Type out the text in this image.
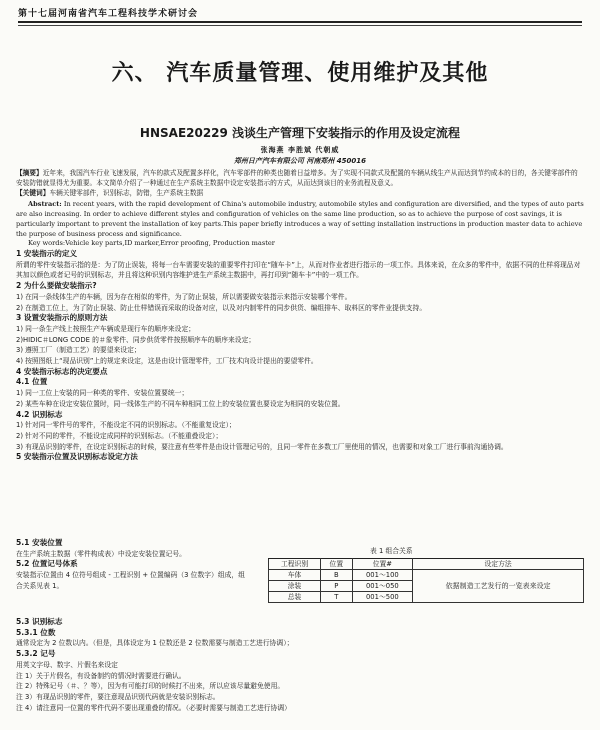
第十七届河南省汽车工程科技学术研讨会
六、 汽车质量管理、使用维护及其他
HNSAE20229 浅谈生产管理下安装指示的作用及设定流程
张海燕 李胜斌 代朝威
郑州日产汽车有限公司 河南郑州 450016

【摘要】近年来，我国汽车行业飞速发展，汽车的款式及配置多样化，汽车零部件的种类也随着日益增多。为了实现不同款式及配置的车辆从线生产从而达到节约成本的目的，各关键零部件的安装防错就显得尤为重要。本文简单介绍了一种通过在生产系统主数据中设定安装指示的方式，从而达到该目的业务流程及意义。

【关键词】车辆关键零部件，识别标志，防错，生产系统主数据

Abstract: In recent years, with the rapid development of China's automobile industry, automobile styles and configuration are diversified, and the types of auto parts are also increasing. In order to achieve different styles and configuration of vehicles on the same line production, so as to achieve the purpose of cost savings, it is particularly important to prevent the installation of key parts.This paper briefly introduces a way of setting installation instructions in production master data to achieve the purpose of business process and significance.

Key words:Vehicle key parts,ID marker,Error proofing, Production master

1 安装指示的定义

所谓的零件安装指示指的是：为了防止误装，将每一台车需要安装的重要零件打印在“随车卡”上，从而对作业者进行指示的一项工作。具体来说，在众多的零件中，依据不同的仕样将现品对其加以颜色或者记号的识别标志，并且将这种识别内容维护进生产系统主数据中，再打印到“随车卡”中的一项工作。

2 为什么要做安装指示?

1) 在同一条线体生产的车辆，因为存在相似的零件，为了防止误装，所以需要做安装指示来指示安装哪个零件。

2) 在制造工位上，为了防止误装、防止仕样错误而采取的设备对应，以及对内制零件的同步供货、编组排车、取料区的零件业提供支持。

3 设置安装指示的原则方法

1) 同一条生产线上按照生产车辆或是现行车的顺序来设定；

2)HIDIC＃LONG CODE 的＃象零件、同步供货零件按照顺序车的顺序来设定；

3) 遵照工厂（制造工艺）的要望来设定；

4) 按照图纸上“现品识别”上的规定来设定，这是由设计管理零件，工厂技术向设计提出的要望零件。

4 安装指示标志的决定要点

4.1 位置

1) 同一工位上安装的同一种类的零件、安装位置要统一；

2) 某些车种在设定安装位置时，同一线体生产的不同车种相同工位上的安装位置也要设定为相同的安装位置。

4.2 识别标志

1) 针对同一零件号的零件，不能设定不同的识别标志。（不能重复设定）；

2) 针对不同的零件，不能设定成同样的识别标志。（不能重叠设定）；

3) 有现品识别的零件，在设定识别标志的时候，要注意有些零件是由设计管理记号的，且同一零件在多数工厂里使用的情况，也需要和对象工厂进行事前沟通协调。

5 安装指示位置及识别标志设定方法

5.1 安装位置

在生产系统主数据（零件构成表）中设定安装位置记号。

5.2 位置记号体系

安装指示位置由 4 位符号组成 - 工程识别 + 位置编码（3 位数字）组成，组合关系见表 1。

表 1 组合关系
工程识别	位置	位置#	设定方法
车体	B	001～100	依据制造工艺发行的一览表来设定
涂装	P	001～050	
总装	T	001～500	

5.3 识别标志

5.3.1 位数

通常设定为 2 位数以内。（但是，具体设定为 1 位数还是 2 位数需要与制造工艺进行协调）；

5.3.2 记号

用英文字母、数字、片假名来设定

注 1）关于片假名，有设备制约的情况时需要进行确认。

注 2）特殊记号（＃、？等），因为有可能打印的时候打不出来，所以应该尽量避免使用。

注 3）有现品识别的零件，要注意现品识别代码就是安装识别标志。

注 4）请注意同一位置的零件代码不要出现重叠的情况。（必要时需要与制造工艺进行协调）
